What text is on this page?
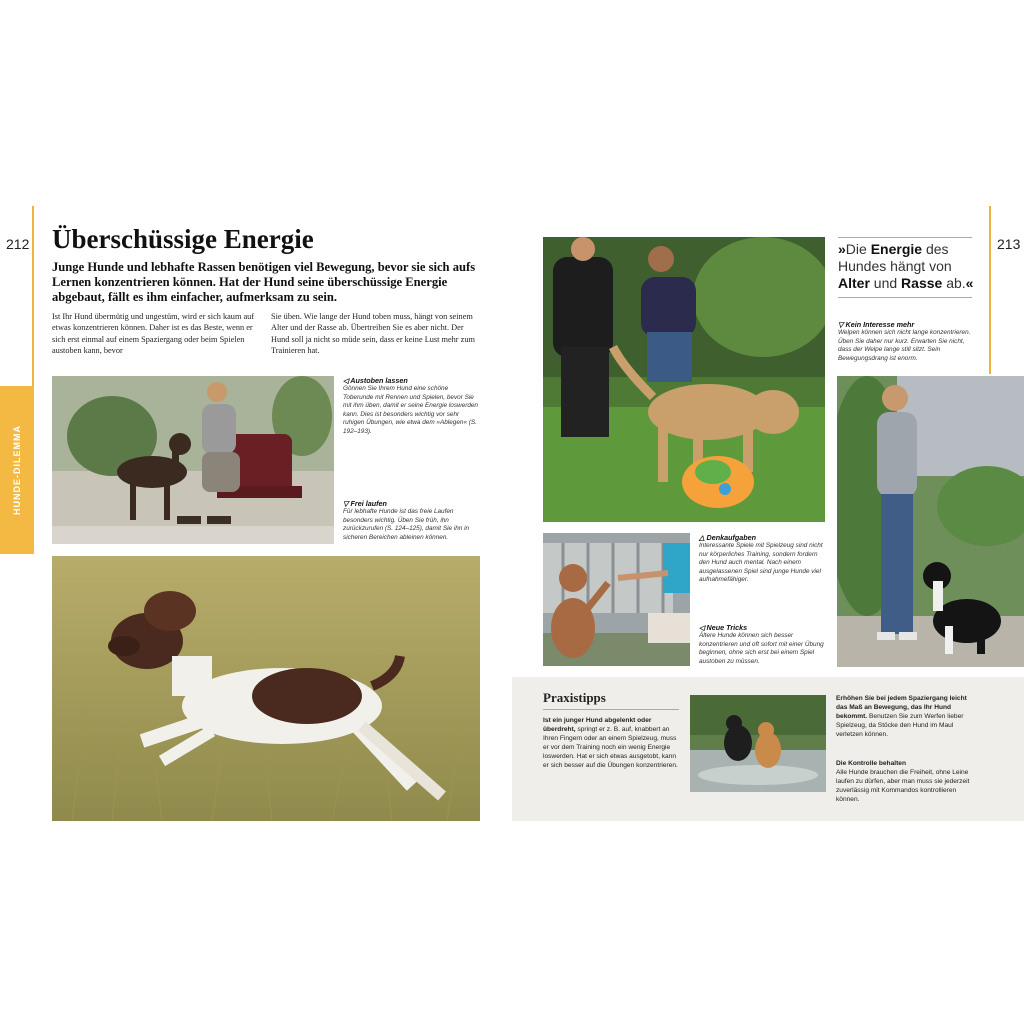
212
HUNDE-DILEMMA
Überschüssige Energie
Junge Hunde und lebhafte Rassen benötigen viel Bewegung, bevor sie sich aufs Lernen konzentrieren können. Hat der Hund seine überschüssige Energie abgebaut, fällt es ihm einfacher, aufmerksam zu sein.
Ist Ihr Hund übermütig und ungestüm, wird er sich kaum auf etwas konzentrieren können. Daher ist es das Beste, wenn er sich erst einmal auf einem Spaziergang oder beim Spielen austoben kann, bevor
Sie üben. Wie lange der Hund toben muss, hängt von seinem Alter und der Rasse ab. Übertreiben Sie es aber nicht. Der Hund soll ja nicht so müde sein, dass er keine Lust mehr zum Trainieren hat.
◁ Austoben lassen
Gönnen Sie Ihrem Hund eine schöne Toberunde mit Rennen und Spielen, bevor Sie mit ihm üben, damit er seine Energie loswerden kann. Dies ist besonders wichtig vor sehr ruhigen Übungen, wie etwa dem »Ablegen« (S. 192–193).
▽ Frei laufen
Für lebhafte Hunde ist das freie Laufen besonders wichtig. Üben Sie früh, ihn zurückzurufen (S. 124–125), damit Sie ihn in sicheren Bereichen ableinen können.
213
»Die Energie des Hundes hängt von Alter und Rasse ab.«
▽ Kein Interesse mehr
Welpen können sich nicht lange konzentrieren. Üben Sie daher nur kurz. Erwarten Sie nicht, dass der Welpe lange still sitzt. Sein Bewegungsdrang ist enorm.
△ Denkaufgaben
Interessante Spiele mit Spielzeug sind nicht nur körperliches Training, sondern fordern den Hund auch mental. Nach einem ausgelassenen Spiel sind junge Hunde viel aufnahmefähiger.
◁ Neue Tricks
Ältere Hunde können sich besser konzentrieren und oft sofort mit einer Übung beginnen, ohne sich erst bei einem Spiel austoben zu müssen.
Praxistipps
Ist ein junger Hund abgelenkt oder überdreht, springt er z. B. auf, knabbert an Ihren Fingern oder an einem Spielzeug, muss er vor dem Training noch ein wenig Energie loswerden. Hat er sich etwas ausgetobt, kann er sich besser auf die Übungen konzentrieren.
Erhöhen Sie bei jedem Spaziergang leicht das Maß an Bewegung, das Ihr Hund bekommt. Benutzen Sie zum Werfen lieber Spielzeug, da Stöcke den Hund im Maul verletzen können.
Die Kontrolle behalten
Alle Hunde brauchen die Freiheit, ohne Leine laufen zu dürfen, aber man muss sie jederzeit zuverlässig mit Kommandos kontrollieren können.
